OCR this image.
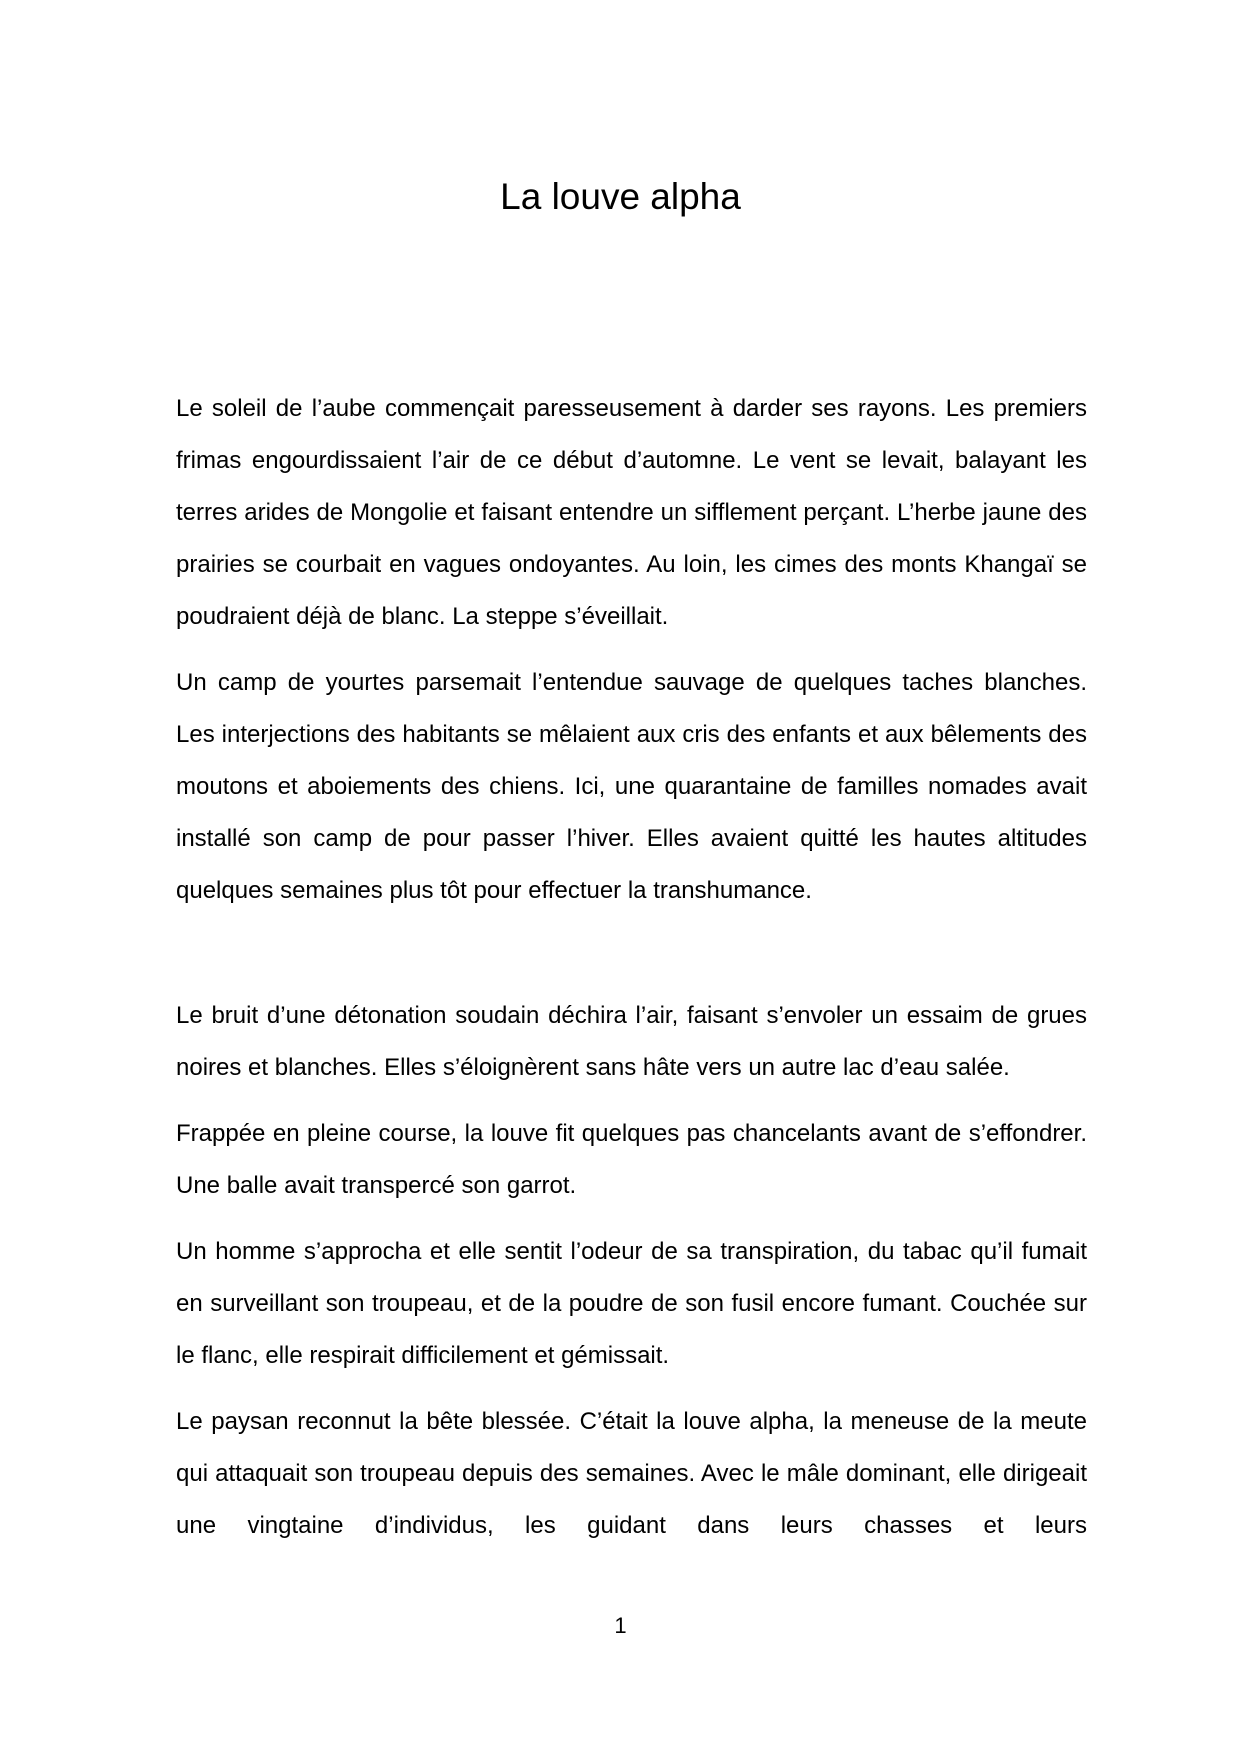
La louve alpha

Le soleil de l’aube commençait paresseusement à darder ses rayons. Les premiers frimas engourdissaient l’air de ce début d’automne. Le vent se levait, balayant les terres arides de Mongolie et faisant entendre un sifflement perçant. L’herbe jaune des prairies se courbait en vagues ondoyantes. Au loin, les cimes des monts Khangaï se poudraient déjà de blanc. La steppe s’éveillait.

Un camp de yourtes parsemait l’entendue sauvage de quelques taches blanches. Les interjections des habitants se mêlaient aux cris des enfants et aux bêlements des moutons et aboiements des chiens. Ici, une quarantaine de familles nomades avait installé son camp de pour passer l’hiver. Elles avaient quitté les hautes altitudes quelques semaines plus tôt pour effectuer la transhumance.

Le bruit d’une détonation soudain déchira l’air, faisant s’envoler un essaim de grues noires et blanches. Elles s’éloignèrent sans hâte vers un autre lac d’eau salée.

Frappée en pleine course, la louve fit quelques pas chancelants avant de s’effondrer. Une balle avait transpercé son garrot.

Un homme s’approcha et elle sentit l’odeur de sa transpiration, du tabac qu’il fumait en surveillant son troupeau, et de la poudre de son fusil encore fumant. Couchée sur le flanc, elle respirait difficilement et gémissait.

Le paysan reconnut la bête blessée. C’était la louve alpha, la meneuse de la meute qui attaquait son troupeau depuis des semaines. Avec le mâle dominant, elle dirigeait une vingtaine d’individus, les guidant dans leurs chasses et leurs

1
